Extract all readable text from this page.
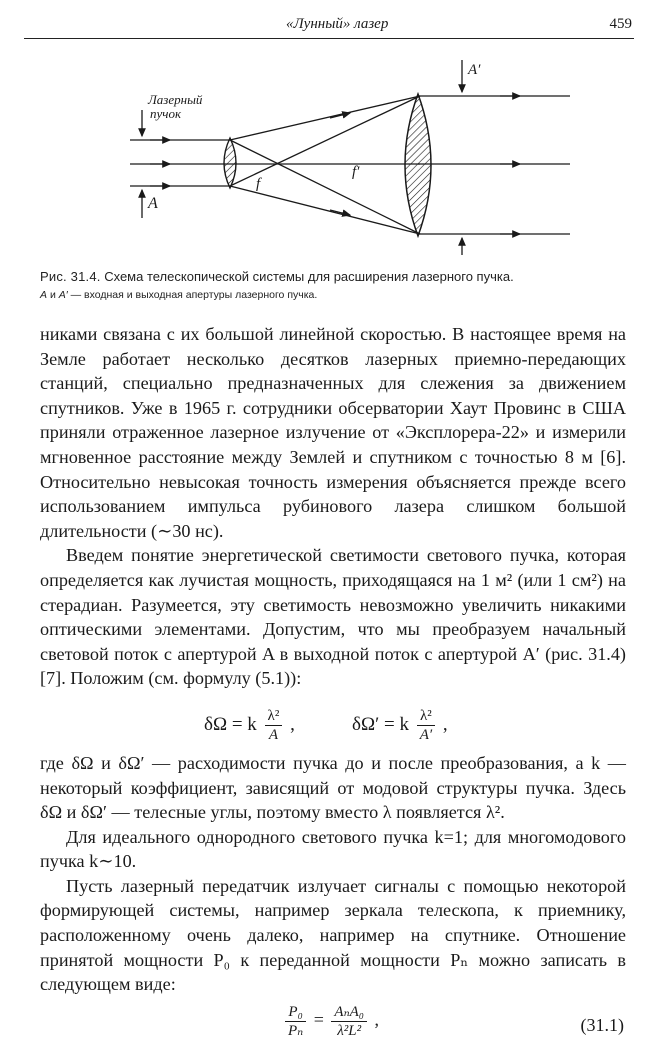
«Лунный» лазер	459
Лазерный
пучок
A
A′
f
f′
Рис. 31.4. Схема телескопической системы для расширения лазерного пучка.
A и A′ — входная и выходная апертуры лазерного пучка.

никами связана с их большой линейной скоростью. В настоящее время на Земле работает несколько десятков лазерных приемно-передающих станций, специально предназначенных для слежения за движением спутников. Уже в 1965 г. сотрудники обсерватории Хаут Провинс в США приняли отраженное лазерное излучение от «Эксплорера-22» и измерили мгновенное расстояние между Землей и спутником с точностью 8 м [6]. Относительно невысокая точность измерения объясняется прежде всего использованием импульса рубинового лазера слишком большой длительности (∼30 нс).

Введем понятие энергетической светимости светового пучка, которая определяется как лучистая мощность, приходящаяся на 1 м² (или 1 см²) на стерадиан. Разумеется, эту светимость невозможно увеличить никакими оптическими элементами. Допустим, что мы преобразуем начальный световой поток с апертурой A в выходной поток с апертурой A′ (рис. 31.4) [7]. Положим (см. формулу (5.1)):

δΩ = k $\frac{\text{λ²}}{A}$ ,	δΩ′ = k $\frac{\text{λ²}}{A'}$ ,

где δΩ и δΩ′ — расходимости пучка до и после преобразования, а k — некоторый коэффициент, зависящий от модовой структуры пучка. Здесь δΩ и δΩ′ — телесные углы, поэтому вместо λ появляется λ².

Для идеального однородного светового пучка k=1; для многомодового пучка k∼10.

Пусть лазерный передатчик излучает сигналы с помощью некоторой формирующей системы, например зеркала телескопа, к приемнику, расположенному очень далеко, например на спутнике. Отношение принятой мощности P₀ к переданной мощности Pₙ можно записать в следующем виде:

$\frac{\text{P₀}}{\text{Pₙ}} = \frac{\text{AₙA₀}}{\text{λ²L²}}$ ,	(31.1)
